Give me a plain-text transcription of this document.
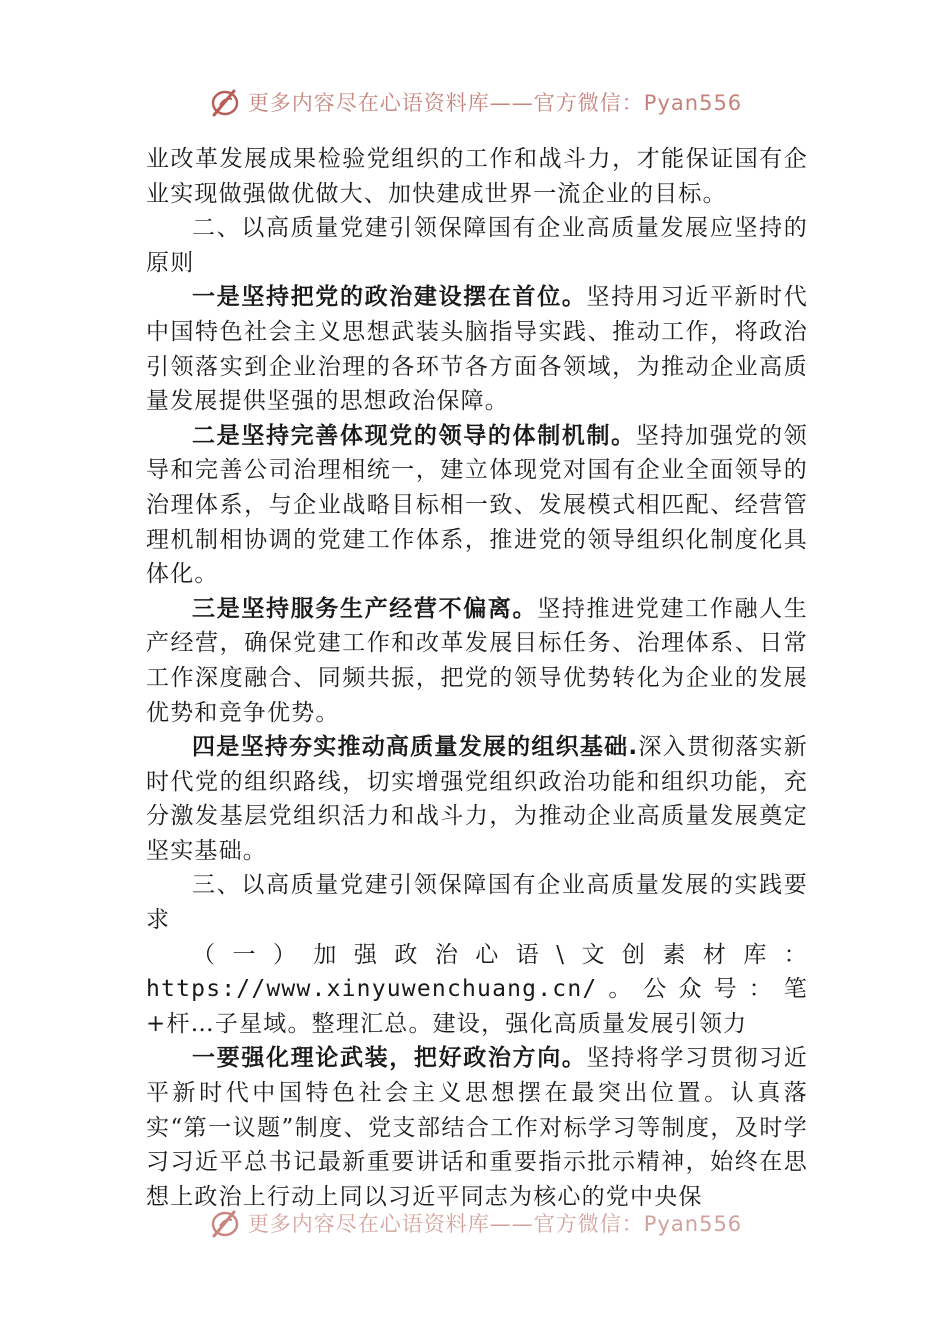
更多内容尽在心语资料库——官方微信：Pyan556

业改革发展成果检验党组织的工作和战斗力，才能保证国有企业实现做强做优做大、加快建成世界一流企业的目标。

二、以高质量党建引领保障国有企业高质量发展应坚持的原则

一是坚持把党的政治建设摆在首位。坚持用习近平新时代中国特色社会主义思想武装头脑指导实践、推动工作，将政治引领落实到企业治理的各环节各方面各领域，为推动企业高质量发展提供坚强的思想政治保障。

二是坚持完善体现党的领导的体制机制。坚持加强党的领导和完善公司治理相统一，建立体现党对国有企业全面领导的治理体系，与企业战略目标相一致、发展模式相匹配、经营管理机制相协调的党建工作体系，推进党的领导组织化制度化具体化。

三是坚持服务生产经营不偏离。坚持推进党建工作融人生产经营，确保党建工作和改革发展目标任务、治理体系、日常工作深度融合、同频共振，把党的领导优势转化为企业的发展优势和竞争优势。

四是坚持夯实推动高质量发展的组织基础.深入贯彻落实新时代党的组织路线，切实增强党组织政治功能和组织功能，充分激发基层党组织活力和战斗力，为推动企业高质量发展奠定坚实基础。

三、以高质量党建引领保障国有企业高质量发展的实践要求

（一）加强政治心语\文创素材库：https://www.xinyuwenchuang.cn/。公众号：笔+杆…子星域。整理汇总。建设，强化高质量发展引领力

一要强化理论武装，把好政治方向。坚持将学习贯彻习近平新时代中国特色社会主义思想摆在最突出位置。认真落实“第一议题”制度、党支部结合工作对标学习等制度，及时学习习近平总书记最新重要讲话和重要指示批示精神，始终在思想上政治上行动上同以习近平同志为核心的党中央保

更多内容尽在心语资料库——官方微信：Pyan556
